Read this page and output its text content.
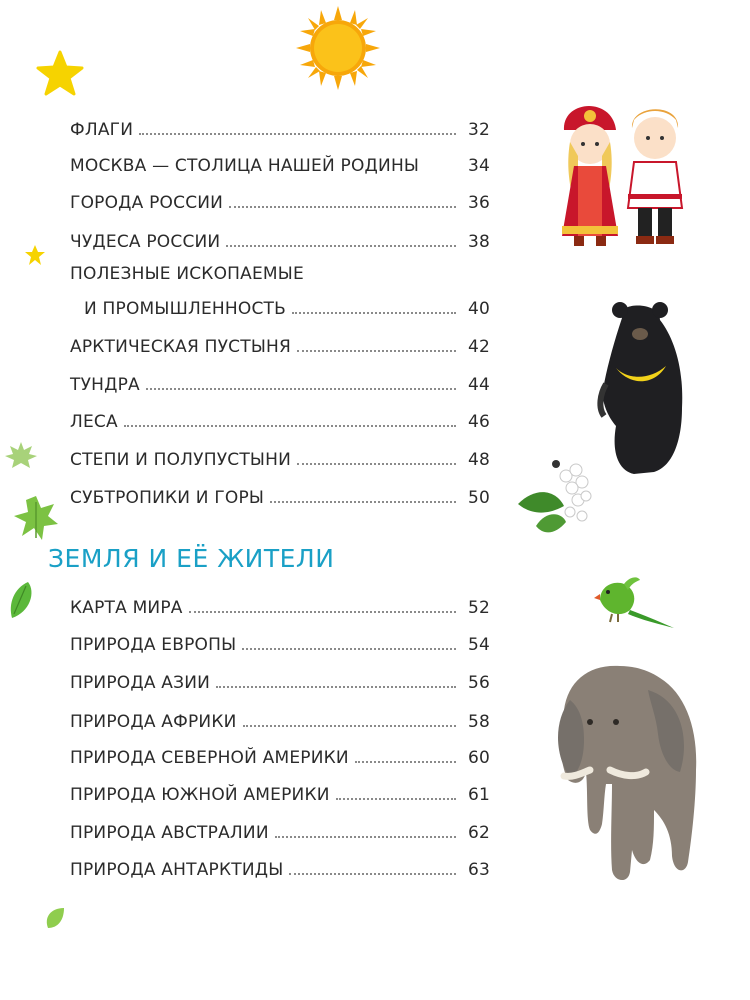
ФЛАГИ	32
МОСКВА — СТОЛИЦА НАШЕЙ РОДИНЫ	34
ГОРОДА РОССИИ	36
ЧУДЕСА РОССИИ	38
ПОЛЕЗНЫЕ ИСКОПАЕМЫЕ
И ПРОМЫШЛЕННОСТЬ	40
АРКТИЧЕСКАЯ ПУСТЫНЯ	42
ТУНДРА	44
ЛЕСА	46
СТЕПИ И ПОЛУПУСТЫНИ	48
СУБТРОПИКИ И ГОРЫ	50
ЗЕМЛЯ И ЕЁ ЖИТЕЛИ
КАРТА МИРА	52
ПРИРОДА ЕВРОПЫ	54
ПРИРОДА АЗИИ	56
ПРИРОДА АФРИКИ	58
ПРИРОДА СЕВЕРНОЙ АМЕРИКИ	60
ПРИРОДА ЮЖНОЙ АМЕРИКИ	61
ПРИРОДА АВСТРАЛИИ	62
ПРИРОДА АНТАРКТИДЫ	63
